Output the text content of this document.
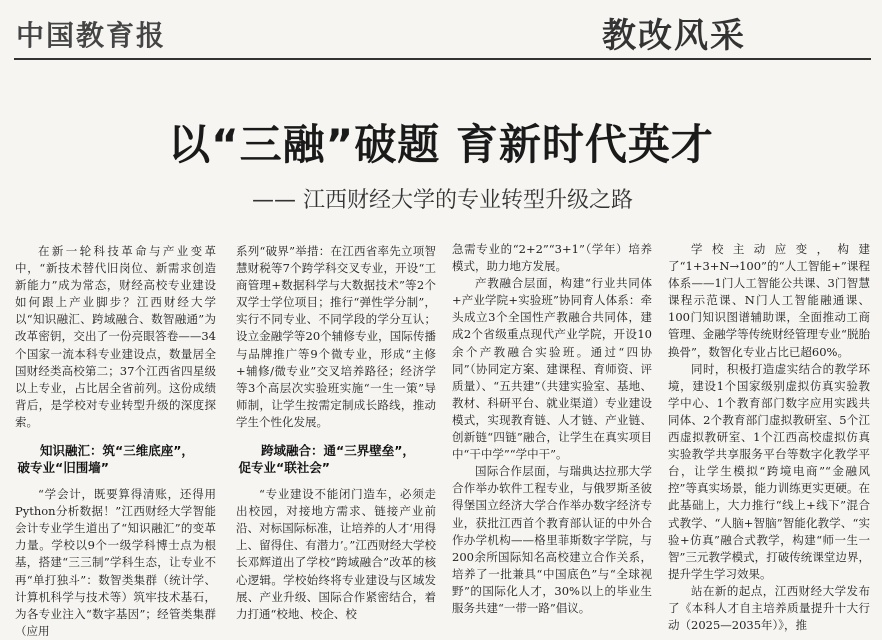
中国教育报	教改风采
以“三融”破题 育新时代英才
—— 江西财经大学的专业转型升级之路

在新一轮科技革命与产业变革中，“新技术替代旧岗位、新需求创造新能力”成为常态，财经高校专业建设如何跟上产业脚步？江西财经大学以“知识融汇、跨域融合、数智融通”为改革密钥，交出了一份亮眼答卷——34个国家一流本科专业建设点，数量居全国财经类高校第二；37个江西省四星级以上专业，占比居全省前列。这份成绩背后，是学校对专业转型升级的深度探索。

知识融汇：筑“三维底座”，
破专业“旧围墙”

“学会计，既要算得清账，还得用Python分析数据！”江西财经大学智能会计专业学生道出了“知识融汇”的变革力量。学校以9个一级学科博士点为根基，搭建“三三制”学科生态，让专业不再“单打独斗”：数智类集群（统计学、计算机科学与技术等）筑牢技术基石，为各专业注入“数字基因”；经管类集群（应用

系列“破界”举措：在江西省率先立项智慧财税等7个跨学科交叉专业，开设“工商管理+数据科学与大数据技术”等2个双学士学位项目；推行“弹性学分制”，实行不同专业、不同学段的学分互认；设立金融学等20个辅修专业，国际传播与品牌推广等9个微专业，形成“主修+辅修/微专业”交叉培养路径；经济学等3个高层次实验班实施“一生一策”导师制，让学生按需定制成长路线，推动学生个性化发展。

跨域融合：通“三界壁垒”，
促专业“联社会”

“专业建设不能闭门造车，必须走出校园，对接地方需求、链接产业前沿、对标国际标准，让培养的人才‘用得上、留得住、有潜力’。”江西财经大学校长邓辉道出了学校“跨域融合”改革的核心逻辑。学校始终将专业建设与区域发展、产业升级、国际合作紧密结合，着力打通“校地、校企、校

急需专业的“2+2”“3+1”（学年）培养模式，助力地方发展。

产教融合层面，构建“行业共同体+产业学院+实验班”协同育人体系：牵头成立3个全国性产教融合共同体，建成2个省级重点现代产业学院，开设10余个产教融合实验班。通过“四协同”（协同定方案、建课程、育师资、评质量）、“五共建”（共建实验室、基地、教材、科研平台、就业渠道）专业建设模式，实现教育链、人才链、产业链、创新链“四链”融合，让学生在真实项目中“干中学”“学中干”。

国际合作层面，与瑞典达拉那大学合作举办软件工程专业，与俄罗斯圣彼得堡国立经济大学合作举办数字经济专业，获批江西首个教育部认证的中外合作办学机构——格里菲斯数字学院，与200余所国际知名高校建立合作关系，培养了一批兼具“中国底色”与“全球视野”的国际化人才，30%以上的毕业生服务共建“一带一路”倡议。

学校主动应变，构建了“1+3+N→100”的“人工智能+”课程体系——1门人工智能公共课、3门智慧课程示范课、N门人工智能融通课、100门知识图谱辅助课，全面推动工商管理、金融学等传统财经管理专业“脱胎换骨”，数智化专业占比已超60%。

同时，积极打造虚实结合的教学环境，建设1个国家级别虚拟仿真实验教学中心、1个教育部门数字应用实践共同体、2个教育部门虚拟教研室、5个江西虚拟教研室、1个江西高校虚拟仿真实验教学共享服务平台等数字化教学平台，让学生模拟“跨境电商”“金融风控”等真实场景，能力训练更实更硬。在此基础上，大力推行“线上+线下”混合式教学、“人脑+智脑”智能化教学、“实验+仿真”融合式教学，构建“师一生一智”三元教学模式，打破传统课堂边界，提升学生学习效果。

站在新的起点，江西财经大学发布了《本科人才自主培养质量提升十大行动（2025—2035年）》，推
